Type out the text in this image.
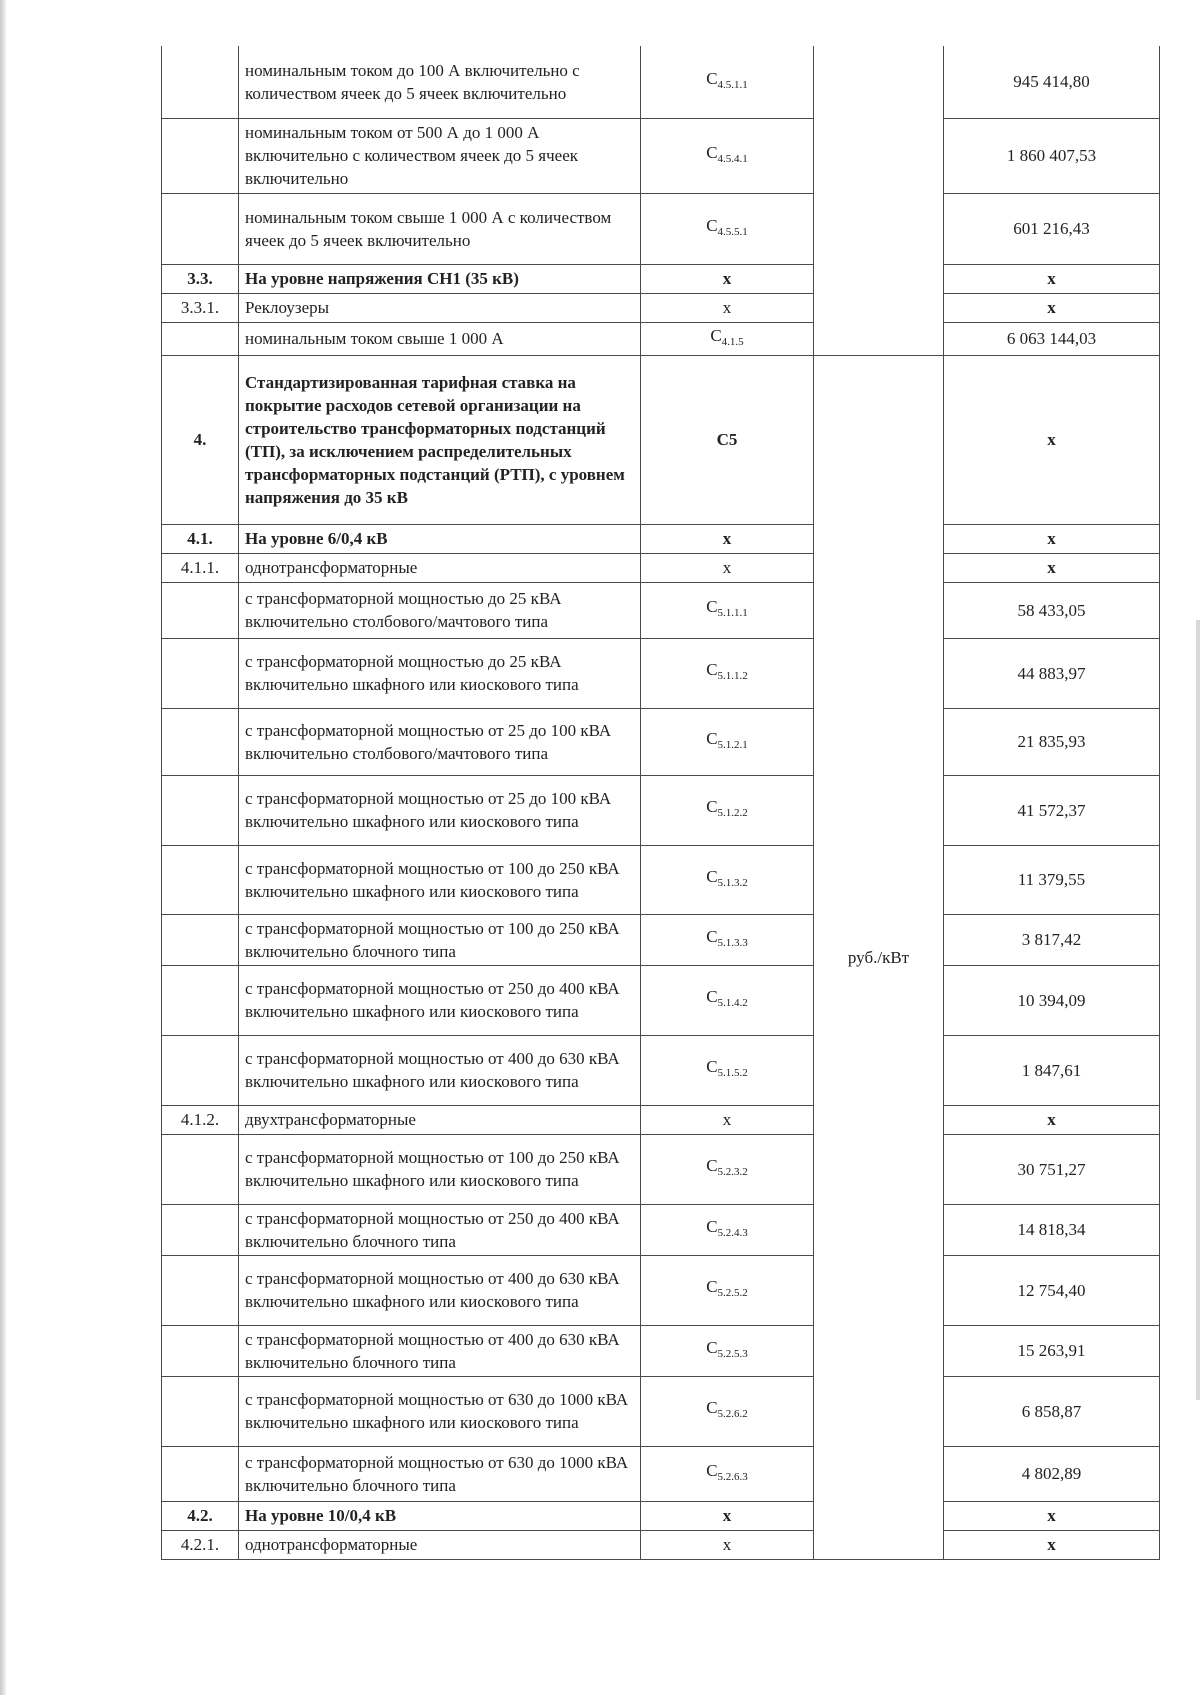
	номинальным током до 100 А включительно с количеством ячеек до 5 ячеек включительно	$C_{4.5.1.1}$		945 414,80
	номинальным током от 500 А до 1 000 А включительно с количеством ячеек до 5 ячеек включительно	$C_{4.5.4.1}$		1 860 407,53
	номинальным током свыше 1 000 А с количеством ячеек до 5 ячеек включительно	$C_{4.5.5.1}$		601 216,43
3.3.	На уровне напряжения СН1 (35 кВ)	x		x
3.3.1.	Реклоузеры	x		x
	номинальным током свыше 1 000 А	$C_{4.1.5}$		6 063 144,03
4.	Стандартизированная тарифная ставка на покрытие расходов сетевой организации на строительство трансформаторных подстанций (ТП), за исключением распределительных трансформаторных подстанций (РТП), с уровнем напряжения до 35 кВ	C5	руб./кВт	x
4.1.	На уровне 6/0,4 кВ	x		x
4.1.1.	однотрансформаторные	x		x
	с трансформаторной мощностью до 25 кВА включительно столбового/мачтового типа	$C_{5.1.1.1}$		58 433,05
	с трансформаторной мощностью до 25 кВА включительно шкафного или киоскового типа	$C_{5.1.1.2}$		44 883,97
	с трансформаторной мощностью от 25 до 100 кВА включительно столбового/мачтового типа	$C_{5.1.2.1}$		21 835,93
	с трансформаторной мощностью от 25 до 100 кВА включительно шкафного или киоскового типа	$C_{5.1.2.2}$		41 572,37
	с трансформаторной мощностью от 100 до 250 кВА включительно шкафного или киоскового типа	$C_{5.1.3.2}$		11 379,55
	с трансформаторной мощностью от 100 до 250 кВА включительно блочного типа	$C_{5.1.3.3}$		3 817,42
	с трансформаторной мощностью от 250 до 400 кВА включительно шкафного или киоскового типа	$C_{5.1.4.2}$		10 394,09
	с трансформаторной мощностью от 400 до 630 кВА включительно шкафного или киоскового типа	$C_{5.1.5.2}$		1 847,61
4.1.2.	двухтрансформаторные	x		x
	с трансформаторной мощностью от 100 до 250 кВА включительно шкафного или киоскового типа	$C_{5.2.3.2}$		30 751,27
	с трансформаторной мощностью от 250 до 400 кВА включительно блочного типа	$C_{5.2.4.3}$		14 818,34
	с трансформаторной мощностью от 400 до 630 кВА включительно шкафного или киоскового типа	$C_{5.2.5.2}$		12 754,40
	с трансформаторной мощностью от 400 до 630 кВА включительно блочного типа	$C_{5.2.5.3}$		15 263,91
	с трансформаторной мощностью от 630 до 1000 кВА включительно шкафного или киоскового типа	$C_{5.2.6.2}$		6 858,87
	с трансформаторной мощностью от 630 до 1000 кВА включительно блочного типа	$C_{5.2.6.3}$		4 802,89
4.2.	На уровне 10/0,4 кВ	x		x
4.2.1.	однотрансформаторные	x		x
